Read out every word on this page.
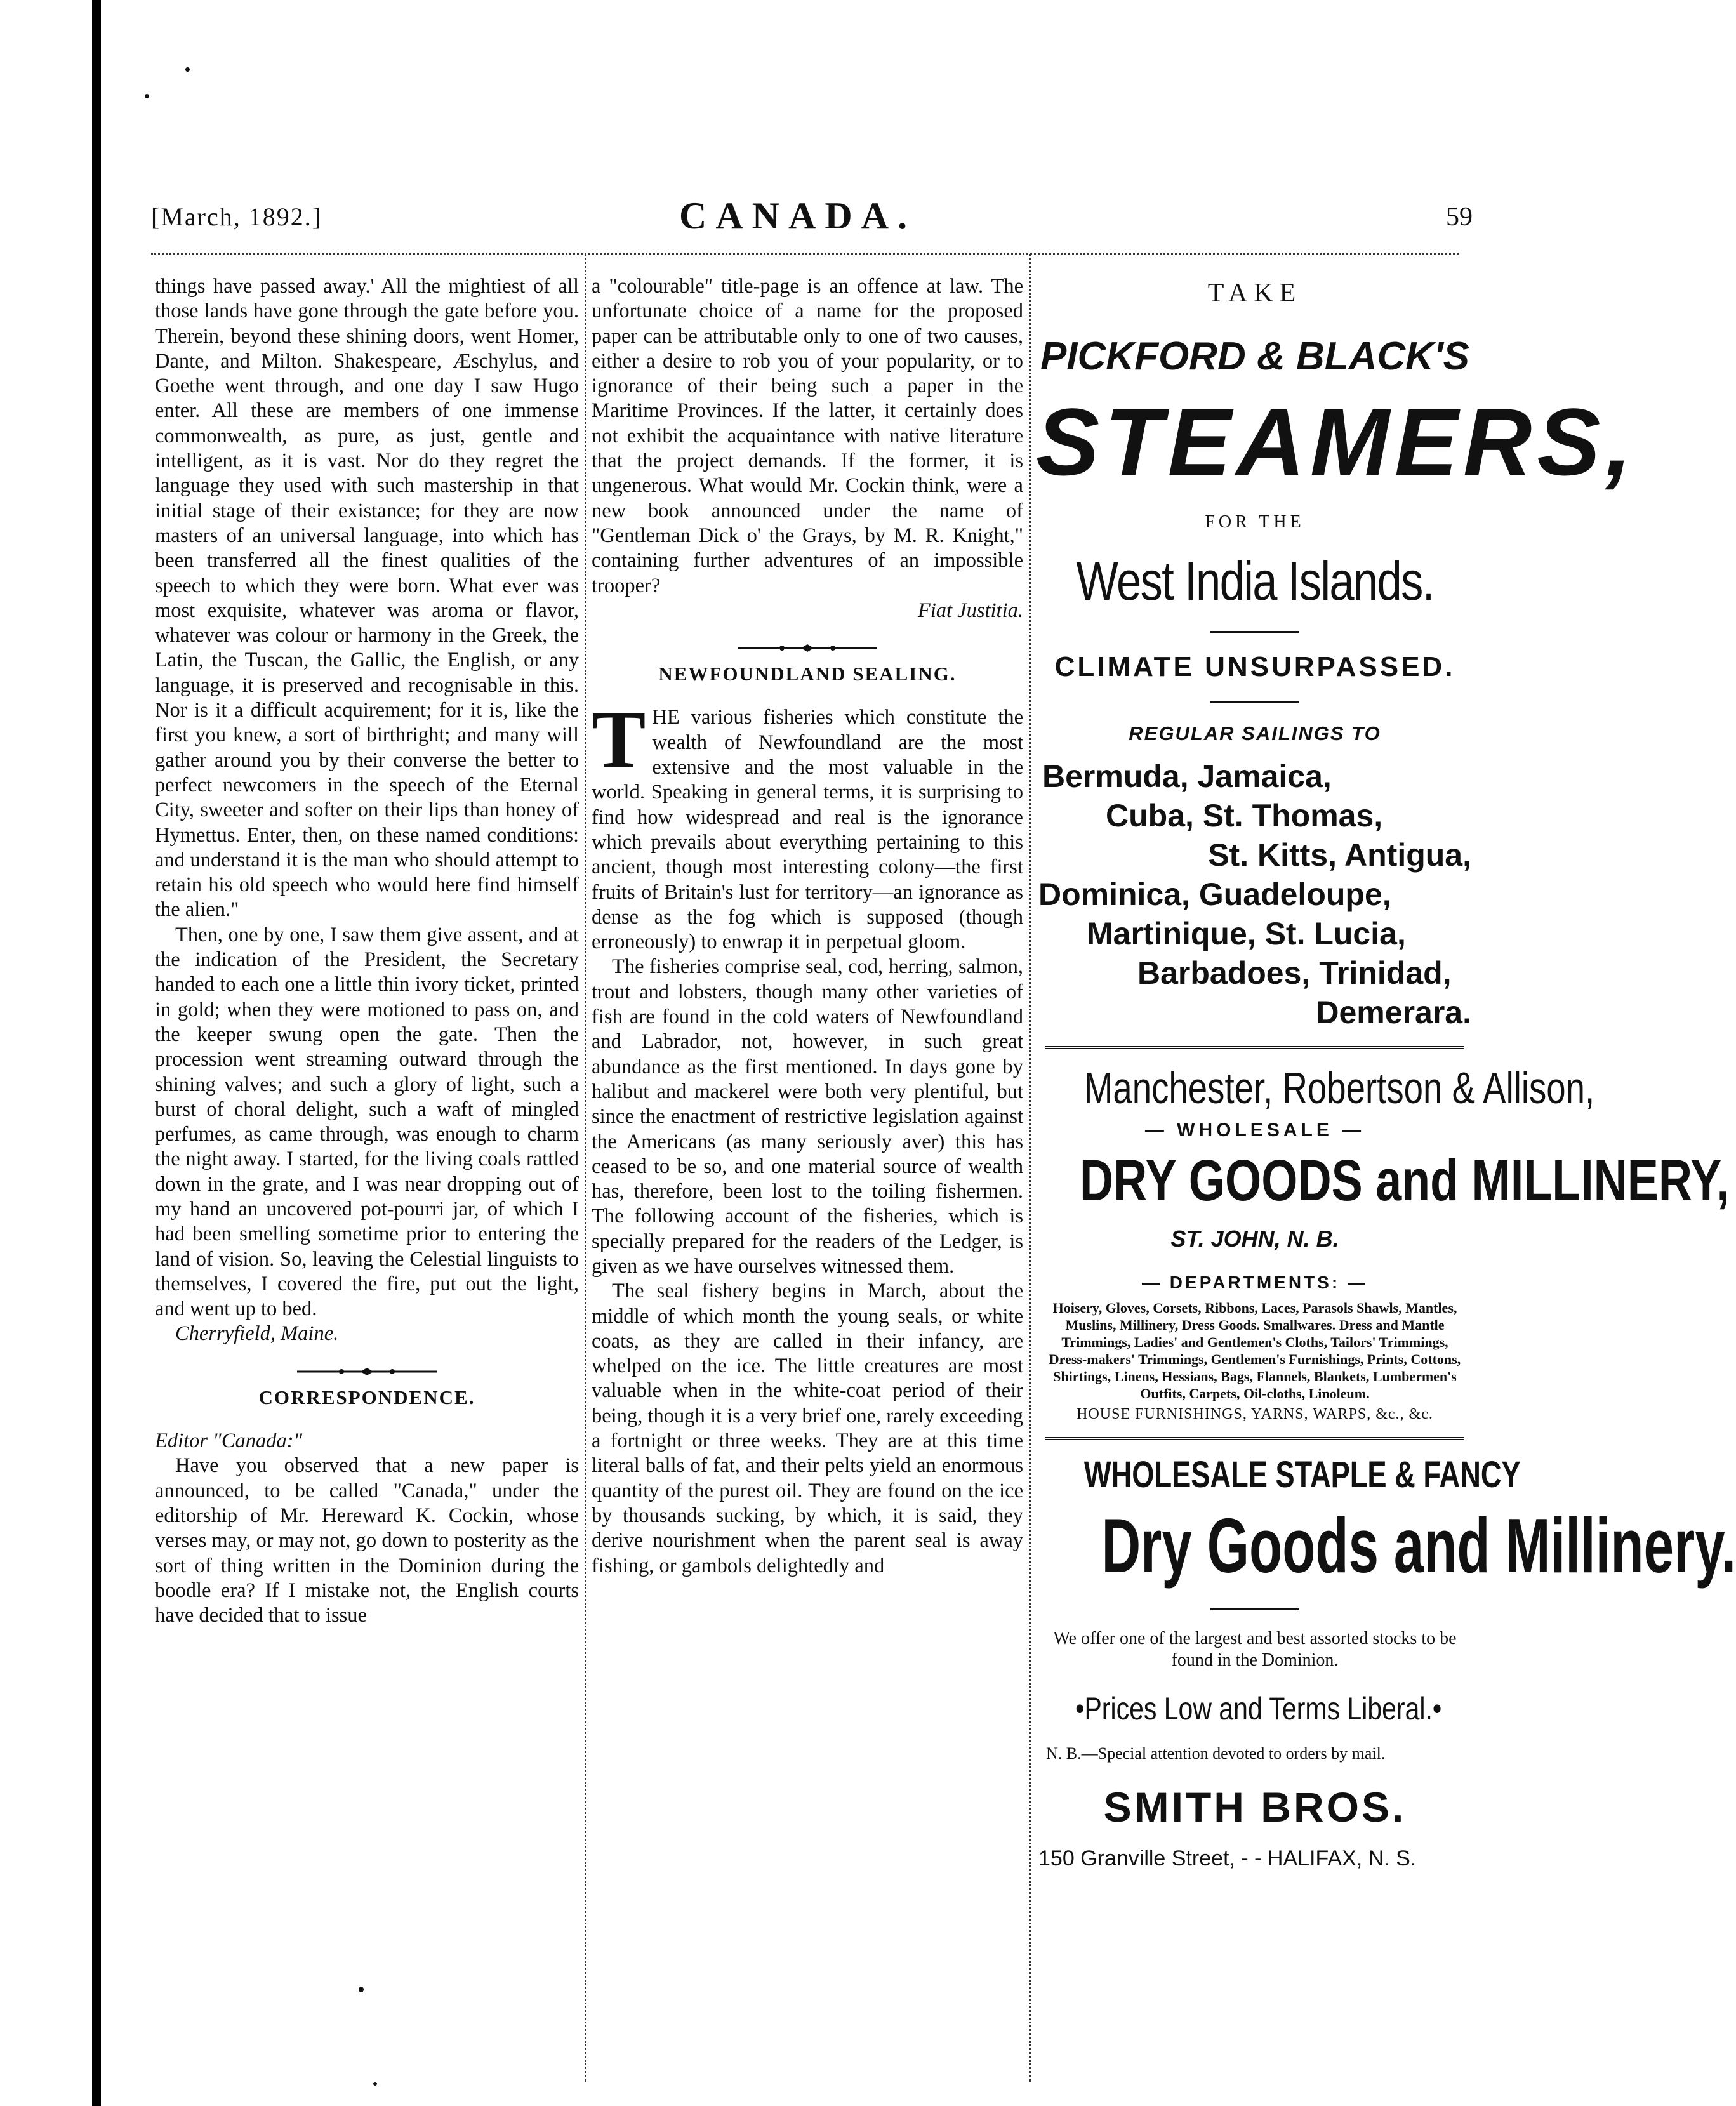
[March, 1892.]	CANADA.	59

things have passed away.' All the mightiest of all those lands have gone through the gate before you. Therein, beyond these shining doors, went Homer, Dante, and Milton. Shakespeare, Æschylus, and Goethe went through, and one day I saw Hugo enter. All these are members of one immense commonwealth, as pure, as just, gentle and intelligent, as it is vast. Nor do they regret the language they used with such mastership in that initial stage of their existance; for they are now masters of an universal language, into which has been transferred all the finest qualities of the speech to which they were born. What ever was most exquisite, whatever was aroma or flavor, whatever was colour or harmony in the Greek, the Latin, the Tuscan, the Gallic, the English, or any language, it is preserved and recognisable in this. Nor is it a difficult acquirement; for it is, like the first you knew, a sort of birthright; and many will gather around you by their converse the better to perfect newcomers in the speech of the Eternal City, sweeter and softer on their lips than honey of Hymettus. Enter, then, on these named conditions: and understand it is the man who should attempt to retain his old speech who would here find himself the alien."

Then, one by one, I saw them give assent, and at the indication of the President, the Secretary handed to each one a little thin ivory ticket, printed in gold; when they were motioned to pass on, and the keeper swung open the gate. Then the procession went streaming outward through the shining valves; and such a glory of light, such a burst of choral delight, such a waft of mingled perfumes, as came through, was enough to charm the night away. I started, for the living coals rattled down in the grate, and I was near dropping out of my hand an uncovered pot-pourri jar, of which I had been smelling sometime prior to entering the land of vision. So, leaving the Celestial linguists to themselves, I covered the fire, put out the light, and went up to bed.

Cherryfield, Maine.

CORRESPONDENCE.

Editor "Canada:"

Have you observed that a new paper is announced, to be called "Canada," under the editorship of Mr. Hereward K. Cockin, whose verses may, or may not, go down to posterity as the sort of thing written in the Dominion during the boodle era? If I mistake not, the English courts have decided that to issue

a "colourable" title-page is an offence at law. The unfortunate choice of a name for the proposed paper can be attributable only to one of two causes, either a desire to rob you of your popularity, or to ignorance of their being such a paper in the Maritime Provinces. If the latter, it certainly does not exhibit the acquaintance with native literature that the project demands. If the former, it is ungenerous. What would Mr. Cockin think, were a new book announced under the name of "Gentleman Dick o' the Grays, by M. R. Knight," containing further adventures of an impossible trooper?

Fiat Justitia.

NEWFOUNDLAND SEALING.

THE various fisheries which constitute the wealth of Newfoundland are the most extensive and the most valuable in the world. Speaking in general terms, it is surprising to find how widespread and real is the ignorance which prevails about everything pertaining to this ancient, though most interesting colony—the first fruits of Britain's lust for territory—an ignorance as dense as the fog which is supposed (though erroneously) to enwrap it in perpetual gloom.

The fisheries comprise seal, cod, herring, salmon, trout and lobsters, though many other varieties of fish are found in the cold waters of Newfoundland and Labrador, not, however, in such great abundance as the first mentioned. In days gone by halibut and mackerel were both very plentiful, but since the enactment of restrictive legislation against the Americans (as many seriously aver) this has ceased to be so, and one material source of wealth has, therefore, been lost to the toiling fishermen. The following account of the fisheries, which is specially prepared for the readers of the Ledger, is given as we have ourselves witnessed them.

The seal fishery begins in March, about the middle of which month the young seals, or white coats, as they are called in their infancy, are whelped on the ice. The little creatures are most valuable when in the white-coat period of their being, though it is a very brief one, rarely exceeding a fortnight or three weeks. They are at this time literal balls of fat, and their pelts yield an enormous quantity of the purest oil. They are found on the ice by thousands sucking, by which, it is said, they derive nourishment when the parent seal is away fishing, or gambols delightedly and

TAKE
PICKFORD & BLACK'S
STEAMERS,
FOR THE
West India Islands.
CLIMATE UNSURPASSED.
REGULAR SAILINGS TO
Bermuda, Jamaica,
Cuba, St. Thomas,
St. Kitts, Antigua,
Dominica, Guadeloupe,
Martinique, St. Lucia,
Barbadoes, Trinidad,
Demerara.
Manchester, Robertson & Allison,
— WHOLESALE —
DRY GOODS and MILLINERY,
ST. JOHN, N. B.
— DEPARTMENTS: —
Hoisery, Gloves, Corsets, Ribbons, Laces, Parasols Shawls, Mantles, Muslins, Millinery, Dress Goods. Smallwares. Dress and Mantle Trimmings, Ladies' and Gentlemen's Cloths, Tailors' Trimmings, Dress-makers' Trimmings, Gentlemen's Furnishings, Prints, Cottons, Shirtings, Linens, Hessians, Bags, Flannels, Blankets, Lumbermen's Outfits, Carpets, Oil-cloths, Linoleum.
HOUSE FURNISHINGS, YARNS, WARPS, &c., &c.
WHOLESALE STAPLE & FANCY
Dry Goods and Millinery.
We offer one of the largest and best assorted stocks to be found in the Dominion.
•Prices Low and Terms Liberal.•
N. B.—Special attention devoted to orders by mail.
SMITH BROS.
150 Granville Street, - - HALIFAX, N. S.
